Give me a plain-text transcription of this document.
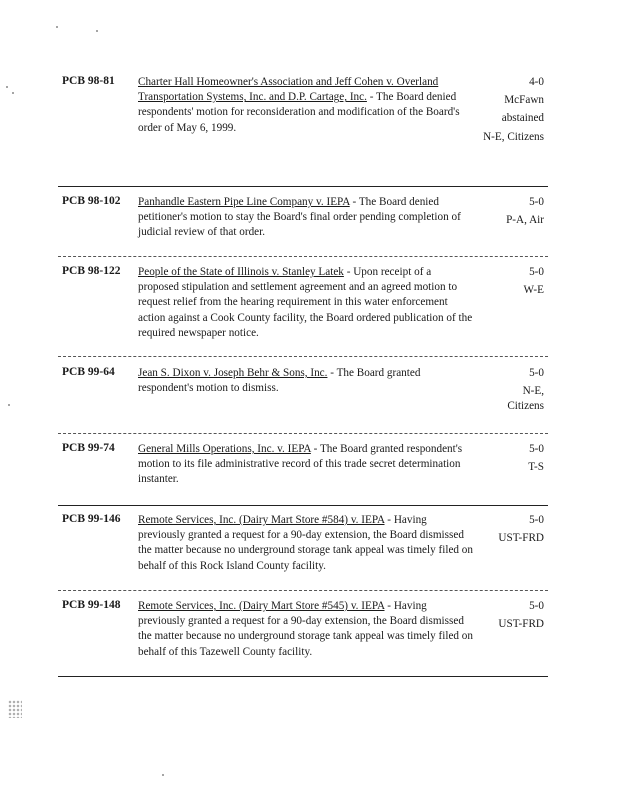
PCB 98-81 Charter Hall Homeowner's Association and Jeff Cohen v. Overland Transportation Systems, Inc. and D.P. Cartage, Inc. - The Board denied respondents' motion for reconsideration and modification of the Board's order of May 6, 1999.
4-0
McFawn
abstained
N-E, Citizens
PCB 98-102 Panhandle Eastern Pipe Line Company v. IEPA - The Board denied petitioner's motion to stay the Board's final order pending completion of judicial review of that order.
5-0
P-A, Air
PCB 98-122 People of the State of Illinois v. Stanley Latek - Upon receipt of a proposed stipulation and settlement agreement and an agreed motion to request relief from the hearing requirement in this water enforcement action against a Cook County facility, the Board ordered publication of the required newspaper notice.
5-0
W-E
PCB 99-64 Jean S. Dixon v. Joseph Behr & Sons, Inc. - The Board granted respondent's motion to dismiss.
5-0
N-E, Citizens
PCB 99-74 General Mills Operations, Inc. v. IEPA - The Board granted respondent's motion to its file administrative record of this trade secret determination instanter.
5-0
T-S
PCB 99-146 Remote Services, Inc. (Dairy Mart Store #584) v. IEPA - Having previously granted a request for a 90-day extension, the Board dismissed the matter because no underground storage tank appeal was timely filed on behalf of this Rock Island County facility.
5-0
UST-FRD
PCB 99-148 Remote Services, Inc. (Dairy Mart Store #545) v. IEPA - Having previously granted a request for a 90-day extension, the Board dismissed the matter because no underground storage tank appeal was timely filed on behalf of this Tazewell County facility.
5-0
UST-FRD
